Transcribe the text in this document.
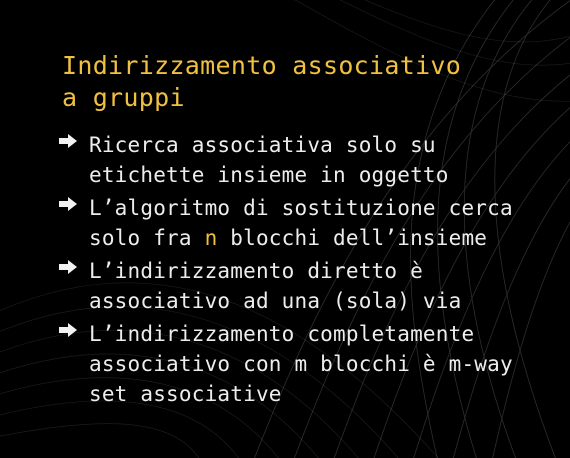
Indirizzamento associativo
a gruppi
Ricerca associativa solo su
etichette insieme in oggetto
L’algoritmo di sostituzione cerca
solo fra n blocchi dell’insieme
L’indirizzamento diretto è
associativo ad una (sola) via
L’indirizzamento completamente
associativo con m blocchi è m-way
set associative
